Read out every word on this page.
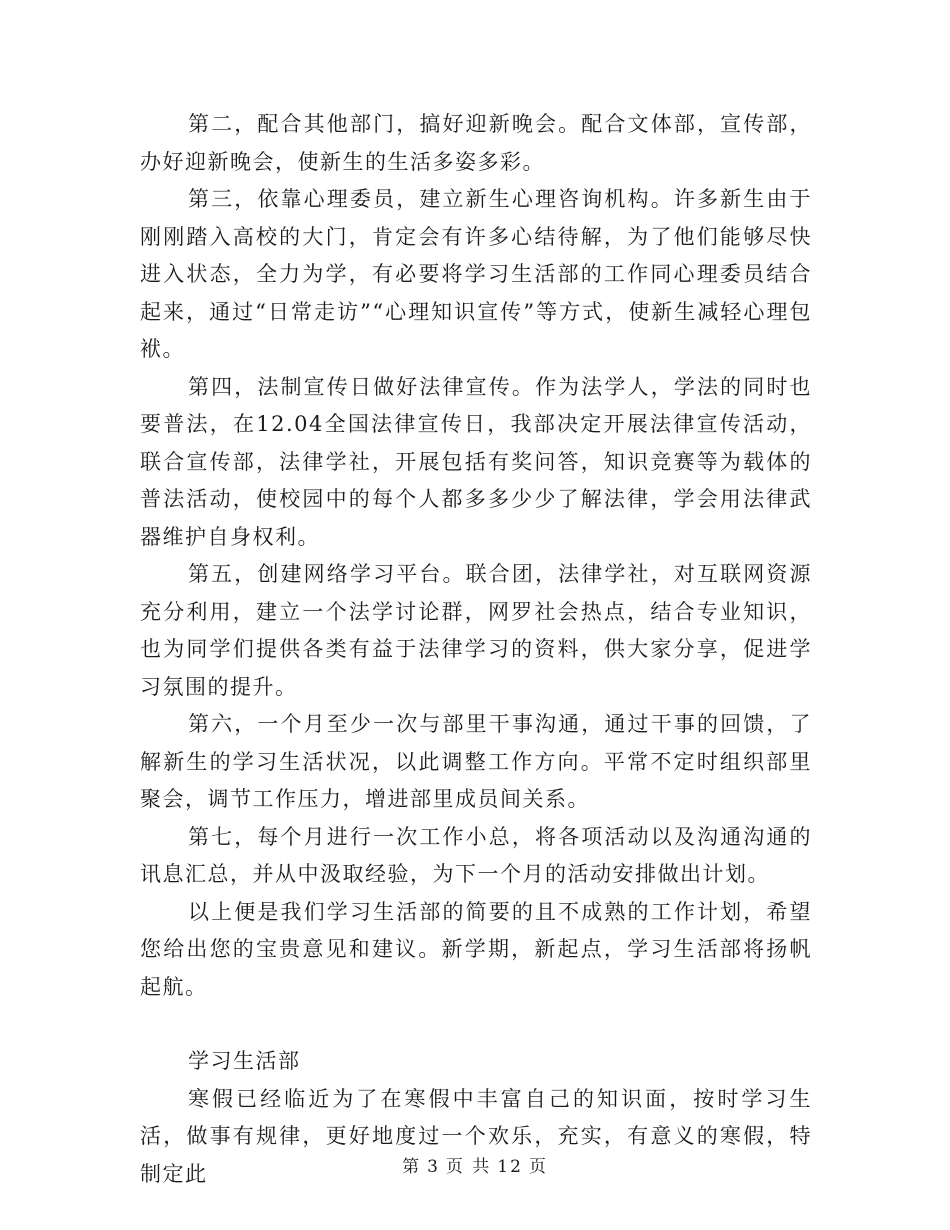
第二，配合其他部门，搞好迎新晚会。配合文体部，宣传部，办好迎新晚会，使新生的生活多姿多彩。

第三，依靠心理委员，建立新生心理咨询机构。许多新生由于刚刚踏入高校的大门，肯定会有许多心结待解，为了他们能够尽快进入状态，全力为学，有必要将学习生活部的工作同心理委员结合起来，通过“日常走访”“心理知识宣传”等方式，使新生减轻心理包袱。

第四，法制宣传日做好法律宣传。作为法学人，学法的同时也要普法，在12.04全国法律宣传日，我部决定开展法律宣传活动，联合宣传部，法律学社，开展包括有奖问答，知识竞赛等为载体的普法活动，使校园中的每个人都多多少少了解法律，学会用法律武器维护自身权利。

第五，创建网络学习平台。联合团，法律学社，对互联网资源充分利用，建立一个法学讨论群，网罗社会热点，结合专业知识，也为同学们提供各类有益于法律学习的资料，供大家分享，促进学习氛围的提升。

第六，一个月至少一次与部里干事沟通，通过干事的回馈，了解新生的学习生活状况，以此调整工作方向。平常不定时组织部里聚会，调节工作压力，增进部里成员间关系。

第七，每个月进行一次工作小总，将各项活动以及沟通沟通的讯息汇总，并从中汲取经验，为下一个月的活动安排做出计划。

以上便是我们学习生活部的简要的且不成熟的工作计划，希望您给出您的宝贵意见和建议。新学期，新起点，学习生活部将扬帆起航。

学习生活部

寒假已经临近为了在寒假中丰富自己的知识面，按时学习生活，做事有规律，更好地度过一个欢乐，充实，有意义的寒假，特制定此	第 3 页 共 12 页
